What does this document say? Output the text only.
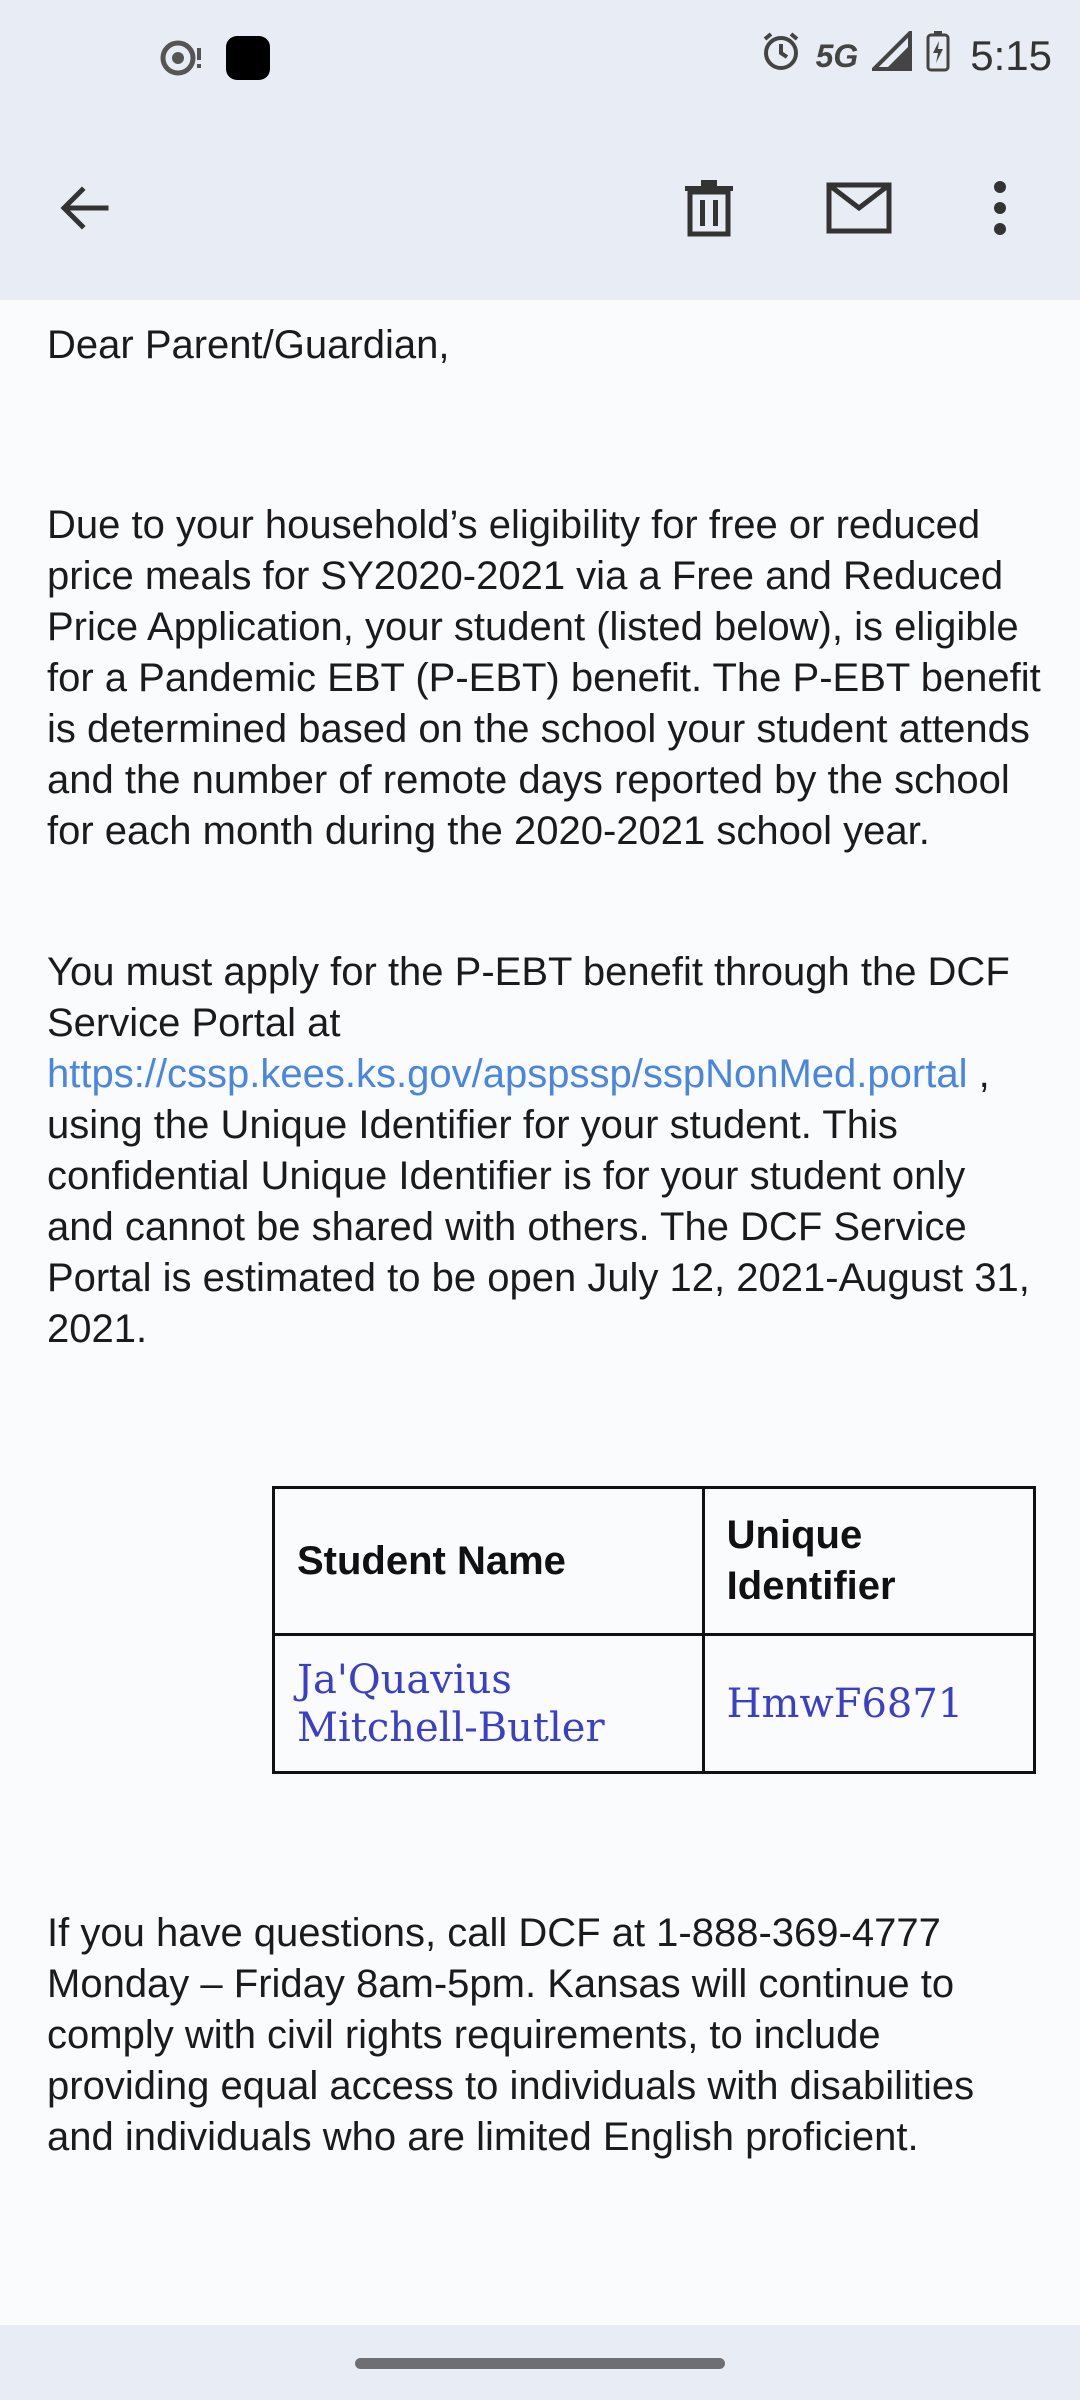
5G	5:15

Dear Parent/Guardian,

Due to your household’s eligibility for free or reduced price meals for SY2020-2021 via a Free and Reduced Price Application, your student (listed below), is eligible for a Pandemic EBT (P-EBT) benefit. The P-EBT benefit is determined based on the school your student attends and the number of remote days reported by the school for each month during the 2020-2021 school year.

You must apply for the P-EBT benefit through the DCF Service Portal at https://cssp.kees.ks.gov/apspssp/sspNonMed.portal , using the Unique Identifier for your student. This confidential Unique Identifier is for your student only and cannot be shared with others. The DCF Service Portal is estimated to be open July 12, 2021-August 31, 2021.

Student Name	Unique Identifier
Ja'Quavius Mitchell-Butler	HmwF6871

If you have questions, call DCF at 1-888-369-4777 Monday – Friday 8am-5pm. Kansas will continue to comply with civil rights requirements, to include providing equal access to individuals with disabilities and individuals who are limited English proficient.
